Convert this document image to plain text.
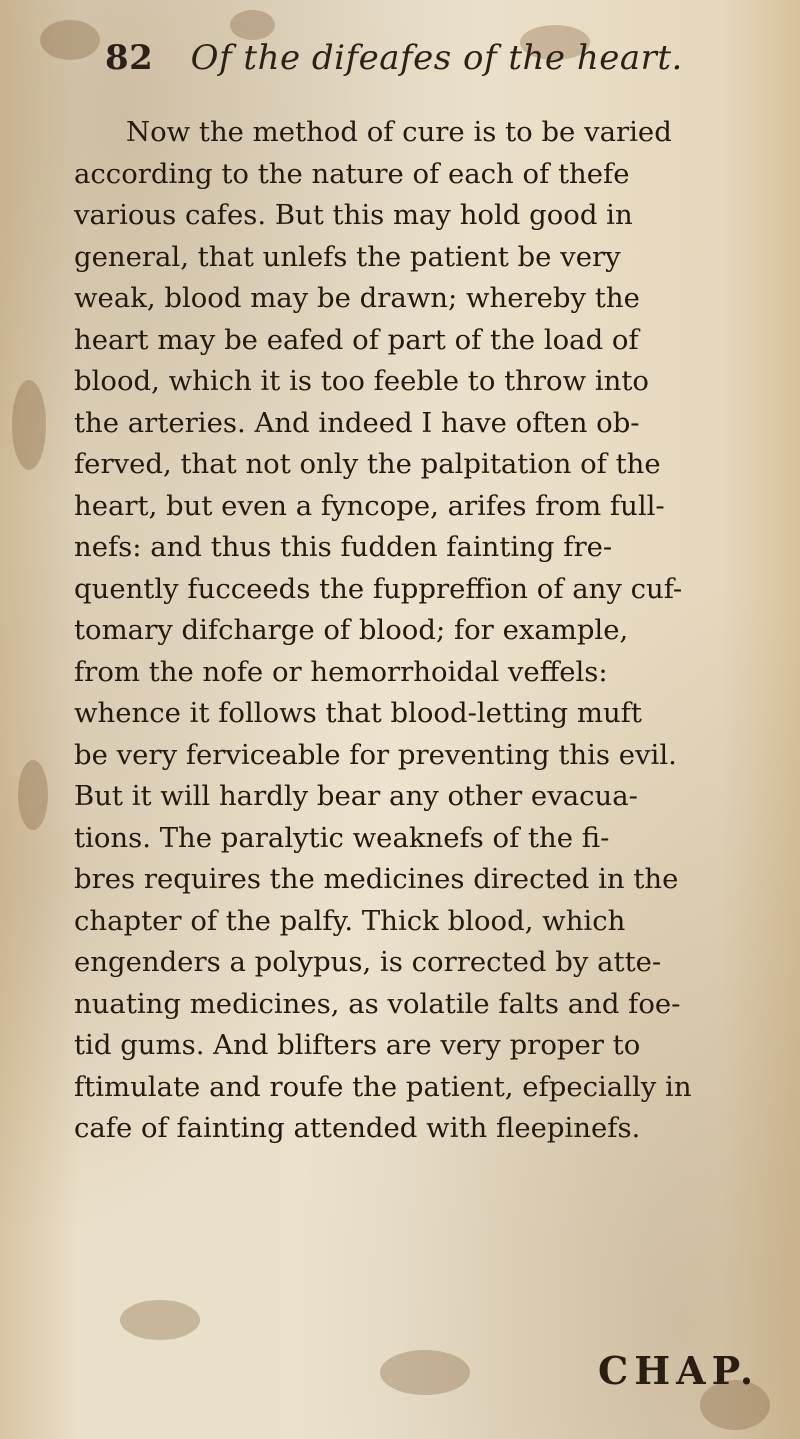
82 Of the difeafes of the heart.
Now the method of cure is to be varied
according to the nature of each of thefe
various cafes. But this may hold good in
general, that unlefs the patient be very
weak, blood may be drawn; whereby the
heart may be eafed of part of the load of
blood, which it is too feeble to throw into
the arteries. And indeed I have often ob-
ferved, that not only the palpitation of the
heart, but even a fyncope, arifes from full-
nefs: and thus this fudden fainting fre-
quently fucceeds the fuppreffion of any cuf-
tomary difcharge of blood; for example,
from the nofe or hemorrhoidal veffels:
whence it follows that blood-letting muft
be very ferviceable for preventing this evil.
But it will hardly bear any other evacua-
tions. The paralytic weaknefs of the fi-
bres requires the medicines directed in the
chapter of the palfy. Thick blood, which
engenders a polypus, is corrected by atte-
nuating medicines, as volatile falts and foe-
tid gums. And blifters are very proper to
ftimulate and roufe the patient, efpecially in
cafe of fainting attended with fleepinefs.
CHAP.
